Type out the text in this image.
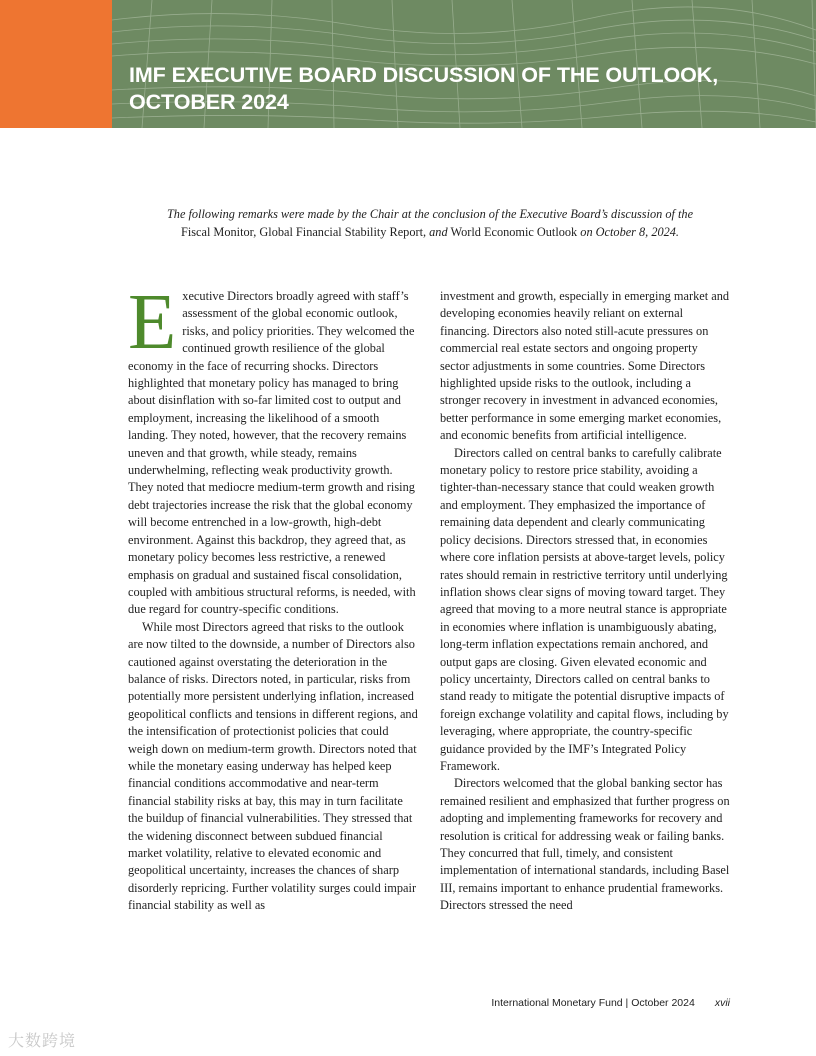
IMF EXECUTIVE BOARD DISCUSSION OF THE OUTLOOK,
OCTOBER 2024

The following remarks were made by the Chair at the conclusion of the Executive Board’s discussion of the
Fiscal Monitor, Global Financial Stability Report, and World Economic Outlook on October 8, 2024.

Executive Directors broadly agreed with staff’s assessment of the global economic outlook, risks, and policy priorities. They welcomed the continued growth resilience of the global economy in the face of recurring shocks. Directors highlighted that monetary policy has managed to bring about disinflation with so-far limited cost to output and employment, increasing the likelihood of a smooth landing. They noted, however, that the recovery remains uneven and that growth, while steady, remains underwhelming, reflecting weak productivity growth. They noted that mediocre medium-term growth and rising debt trajectories increase the risk that the global economy will become entrenched in a low-growth, high-debt environment. Against this backdrop, they agreed that, as monetary policy becomes less restrictive, a renewed emphasis on gradual and sustained fiscal consolidation, coupled with ambitious structural reforms, is needed, with due regard for country-specific conditions.

While most Directors agreed that risks to the outlook are now tilted to the downside, a number of Directors also cautioned against overstating the deterioration in the balance of risks. Directors noted, in particular, risks from potentially more persistent underlying inflation, increased geopolitical conflicts and tensions in different regions, and the intensification of protectionist policies that could weigh down on medium-term growth. Directors noted that while the monetary easing underway has helped keep financial conditions accommodative and near-term financial stability risks at bay, this may in turn facilitate the buildup of financial vulnerabilities. They stressed that the widening disconnect between subdued financial market volatility, relative to elevated economic and geopolitical uncertainty, increases the chances of sharp disorderly repricing. Further volatility surges could impair financial stability as well as

investment and growth, especially in emerging market and developing economies heavily reliant on external financing. Directors also noted still-acute pressures on commercial real estate sectors and ongoing property sector adjustments in some countries. Some Directors highlighted upside risks to the outlook, including a stronger recovery in investment in advanced economies, better performance in some emerging market economies, and economic benefits from artificial intelligence.

Directors called on central banks to carefully calibrate monetary policy to restore price stability, avoiding a tighter-than-necessary stance that could weaken growth and employment. They emphasized the importance of remaining data dependent and clearly communicating policy decisions. Directors stressed that, in economies where core inflation persists at above-target levels, policy rates should remain in restrictive territory until underlying inflation shows clear signs of moving toward target. They agreed that moving to a more neutral stance is appropriate in economies where inflation is unambiguously abating, long-term inflation expectations remain anchored, and output gaps are closing. Given elevated economic and policy uncertainty, Directors called on central banks to stand ready to mitigate the potential disruptive impacts of foreign exchange volatility and capital flows, including by leveraging, where appropriate, the country-specific guidance provided by the IMF’s Integrated Policy Framework.

Directors welcomed that the global banking sector has remained resilient and emphasized that further progress on adopting and implementing frameworks for recovery and resolution is critical for addressing weak or failing banks. They concurred that full, timely, and consistent implementation of international standards, including Basel III, remains important to enhance prudential frameworks. Directors stressed the need

International Monetary Fund | October 2024 xvii
大数跨境
